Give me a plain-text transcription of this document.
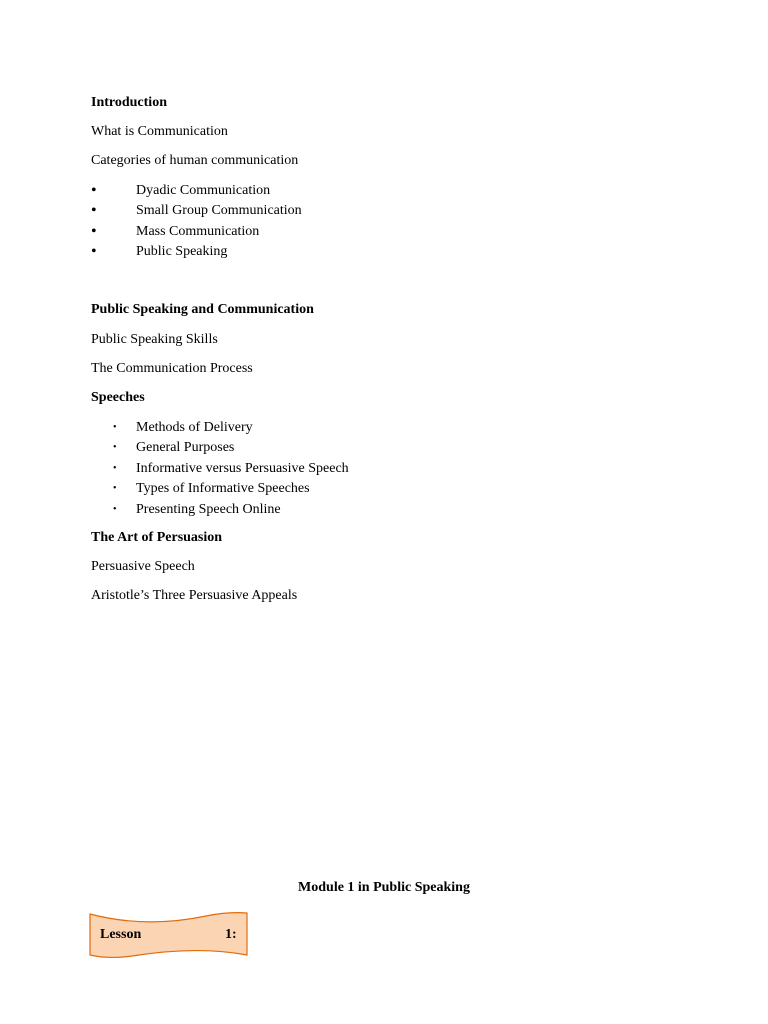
Introduction
What is Communication
Categories of human communication
•	Dyadic Communication
•	Small Group Communication
•	Mass Communication
•	Public Speaking
Public Speaking and Communication
Public Speaking Skills
The Communication Process
Speeches
•	Methods of Delivery
•	General Purposes
•	Informative versus Persuasive Speech
•	Types of Informative Speeches
•	Presenting Speech Online
The Art of Persuasion
Persuasive Speech
Aristotle’s Three Persuasive Appeals
Module 1 in Public Speaking
Lesson	1:
